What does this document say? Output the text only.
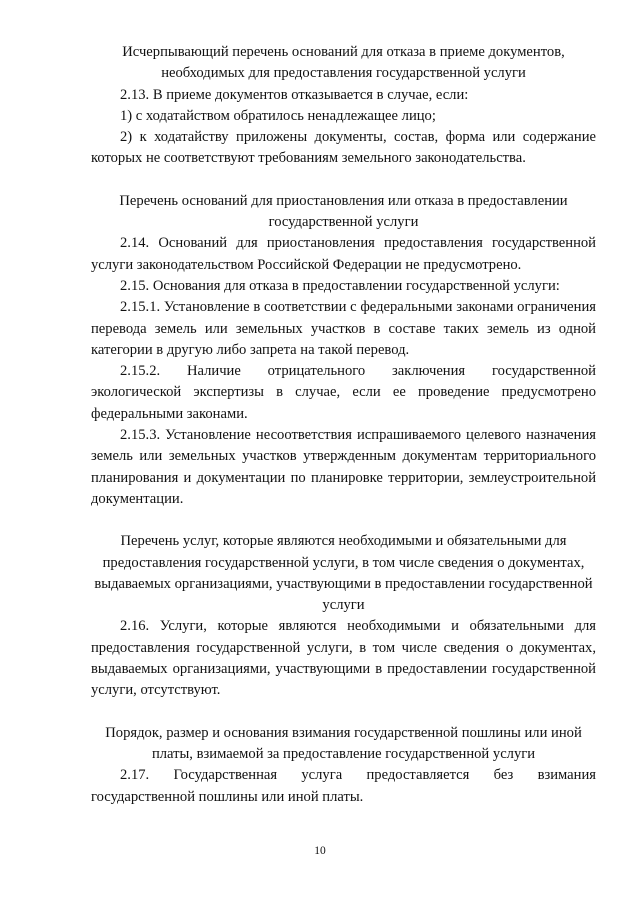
Исчерпывающий перечень оснований для отказа в приеме документов, необходимых для предоставления государственной услуги

2.13. В приеме документов отказывается в случае, если:

1) с ходатайством обратилось ненадлежащее лицо;

2) к ходатайству приложены документы, состав, форма или содержание которых не соответствуют требованиям земельного законодательства.

Перечень оснований для приостановления или отказа в предоставлении государственной услуги

2.14. Оснований для приостановления предоставления государственной услуги законодательством Российской Федерации не предусмотрено.

2.15. Основания для отказа в предоставлении государственной услуги:

2.15.1. Установление в соответствии с федеральными законами ограничения перевода земель или земельных участков в составе таких земель из одной категории в другую либо запрета на такой перевод.

2.15.2. Наличие отрицательного заключения государственной экологической экспертизы в случае, если ее проведение предусмотрено федеральными законами.

2.15.3. Установление несоответствия испрашиваемого целевого назначения земель или земельных участков утвержденным документам территориального планирования и документации по планировке территории, землеустроительной документации.

Перечень услуг, которые являются необходимыми и обязательными для предоставления государственной услуги, в том числе сведения о документах, выдаваемых организациями, участвующими в предоставлении государственной услуги

2.16. Услуги, которые являются необходимыми и обязательными для предоставления государственной услуги, в том числе сведения о документах, выдаваемых организациями, участвующими в предоставлении государственной услуги, отсутствуют.

Порядок, размер и основания взимания государственной пошлины или иной платы, взимаемой за предоставление государственной услуги

2.17. Государственная услуга предоставляется без взимания государственной пошлины или иной платы.

10
